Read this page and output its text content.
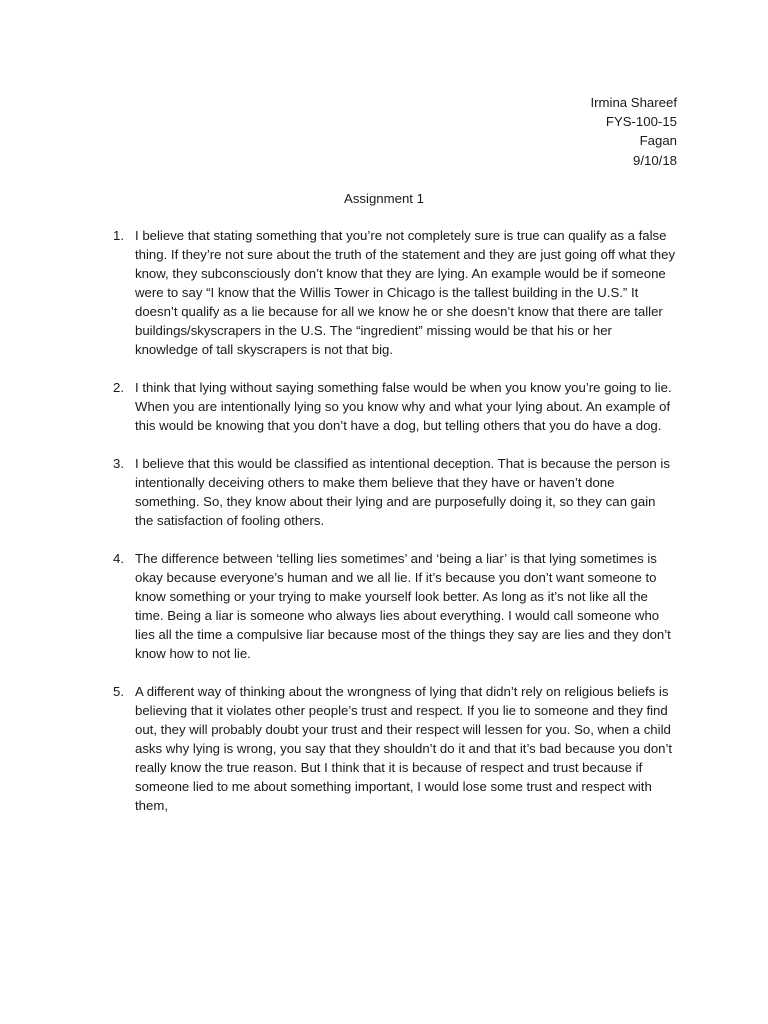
Irmina Shareef
FYS-100-15
Fagan
9/10/18
Assignment 1
1. I believe that stating something that you’re not completely sure is true can qualify as a false thing. If they’re not sure about the truth of the statement and they are just going off what they know, they subconsciously don’t know that they are lying. An example would be if someone were to say “I know that the Willis Tower in Chicago is the tallest building in the U.S.” It doesn’t qualify as a lie because for all we know he or she doesn’t know that there are taller buildings/skyscrapers in the U.S. The “ingredient” missing would be that his or her knowledge of tall skyscrapers is not that big.
2. I think that lying without saying something false would be when you know you’re going to lie. When you are intentionally lying so you know why and what your lying about. An example of this would be knowing that you don’t have a dog, but telling others that you do have a dog.
3. I believe that this would be classified as intentional deception. That is because the person is intentionally deceiving others to make them believe that they have or haven’t done something. So, they know about their lying and are purposefully doing it, so they can gain the satisfaction of fooling others.
4. The difference between ‘telling lies sometimes’ and ‘being a liar’ is that lying sometimes is okay because everyone’s human and we all lie. If it’s because you don’t want someone to know something or your trying to make yourself look better. As long as it’s not like all the time. Being a liar is someone who always lies about everything. I would call someone who lies all the time a compulsive liar because most of the things they say are lies and they don’t know how to not lie.
5. A different way of thinking about the wrongness of lying that didn’t rely on religious beliefs is believing that it violates other people’s trust and respect. If you lie to someone and they find out, they will probably doubt your trust and their respect will lessen for you. So, when a child asks why lying is wrong, you say that they shouldn’t do it and that it’s bad because you don’t really know the true reason. But I think that it is because of respect and trust because if someone lied to me about something important, I would lose some trust and respect with them,
